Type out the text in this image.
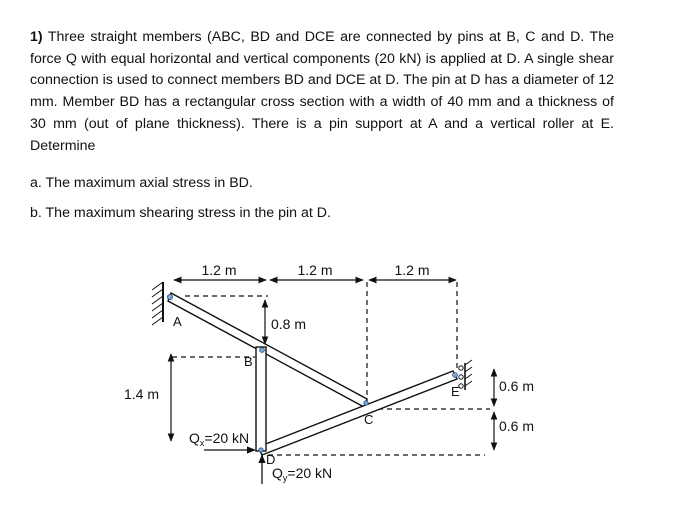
1) Three straight members (ABC, BD and DCE are connected by pins at B, C and D. The force Q with equal horizontal and vertical components (20 kN) is applied at D. A single shear connection is used to connect members BD and DCE at D. The pin at D has a diameter of 12 mm. Member BD has a rectangular cross section with a width of 40 mm and a thickness of 30 mm (out of plane thickness). There is a pin support at A and a vertical roller at E. Determine

a. The maximum axial stress in BD.
b. The maximum shearing stress in the pin at D.
1.2 m	1.2 m	1.2 m
0.8 m
1.4 m	0.6 m
0.6 m
A
B
C
D
E
$Q_x=20$ kN
$Q_y=20$ kN
